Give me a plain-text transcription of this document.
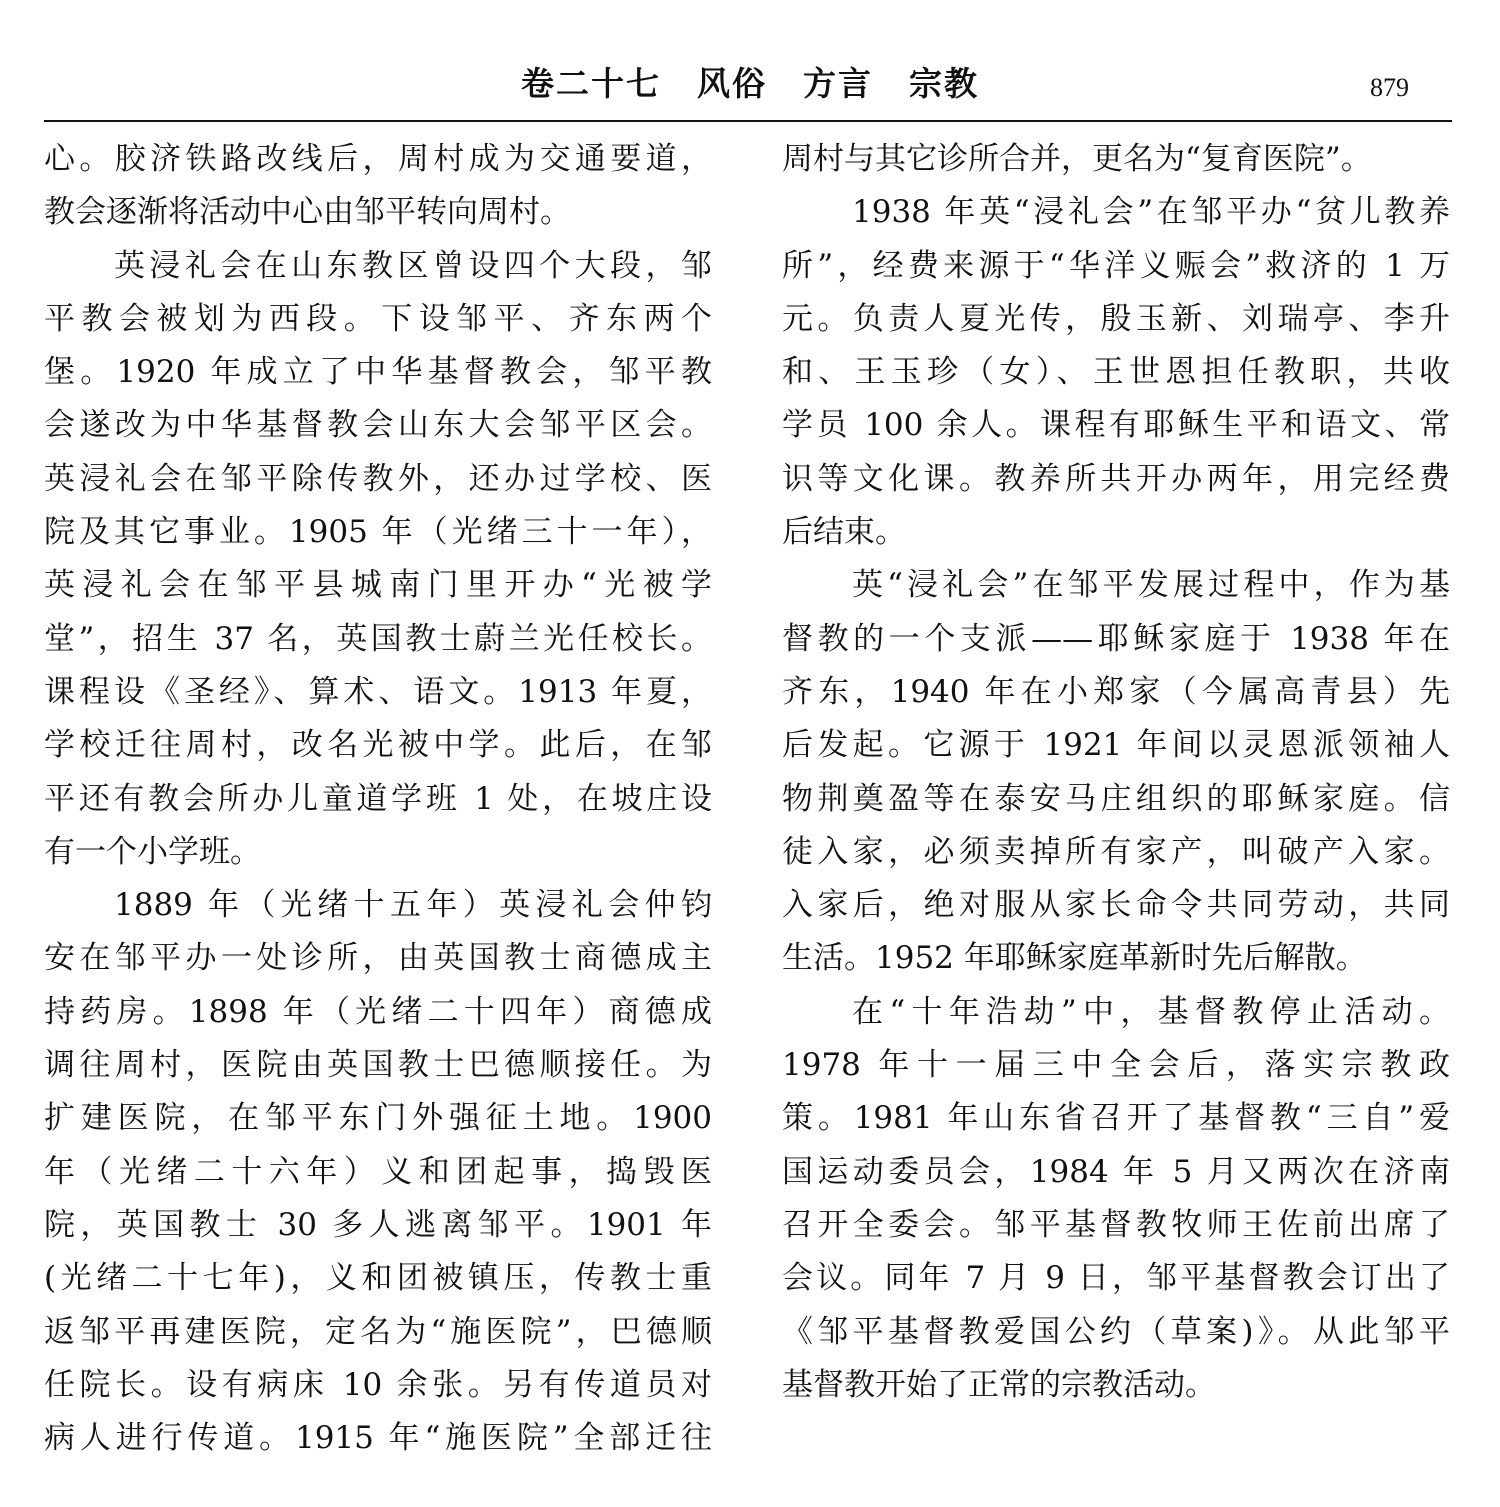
卷二十七 风俗 方言 宗教	879
心。胶济铁路改线后，周村成为交通要道，
教会逐渐将活动中心由邹平转向周村。
英浸礼会在山东教区曾设四个大段，邹
平教会被划为西段。下设邹平、齐东两个
堡。1920 年成立了中华基督教会，邹平教
会遂改为中华基督教会山东大会邹平区会。
英浸礼会在邹平除传教外，还办过学校、医
院及其它事业。1905 年（光绪三十一年），
英浸礼会在邹平县城南门里开办“光被学
堂”，招生 37 名，英国教士蔚兰光任校长。
课程设《圣经》、算术、语文。1913 年夏，
学校迁往周村，改名光被中学。此后，在邹
平还有教会所办儿童道学班 1 处，在坡庄设
有一个小学班。
1889 年（光绪十五年）英浸礼会仲钧
安在邹平办一处诊所，由英国教士商德成主
持药房。1898 年（光绪二十四年）商德成
调往周村，医院由英国教士巴德顺接任。为
扩建医院，在邹平东门外强征土地。1900
年（光绪二十六年）义和团起事，捣毁医
院，英国教士 30 多人逃离邹平。1901 年
(光绪二十七年)，义和团被镇压，传教士重
返邹平再建医院，定名为“施医院”，巴德顺
任院长。设有病床 10 余张。另有传道员对
病人进行传道。1915 年“施医院”全部迁往
周村与其它诊所合并，更名为“复育医院”。
1938 年英“浸礼会”在邹平办“贫儿教养
所”，经费来源于“华洋义赈会”救济的 1 万
元。负责人夏光传，殷玉新、刘瑞亭、李升
和、王玉珍（女）、王世恩担任教职，共收
学员 100 余人。课程有耶稣生平和语文、常
识等文化课。教养所共开办两年，用完经费
后结束。
英“浸礼会”在邹平发展过程中，作为基
督教的一个支派——耶稣家庭于 1938 年在
齐东，1940 年在小郑家（今属高青县）先
后发起。它源于 1921 年间以灵恩派领袖人
物荆奠盈等在泰安马庄组织的耶稣家庭。信
徒入家，必须卖掉所有家产，叫破产入家。
入家后，绝对服从家长命令共同劳动，共同
生活。1952 年耶稣家庭革新时先后解散。
在“十年浩劫”中，基督教停止活动。
1978 年十一届三中全会后，落实宗教政
策。1981 年山东省召开了基督教“三自”爱
国运动委员会，1984 年 5 月又两次在济南
召开全委会。邹平基督教牧师王佐前出席了
会议。同年 7 月 9 日，邹平基督教会订出了
《邹平基督教爱国公约（草案)》。从此邹平
基督教开始了正常的宗教活动。
